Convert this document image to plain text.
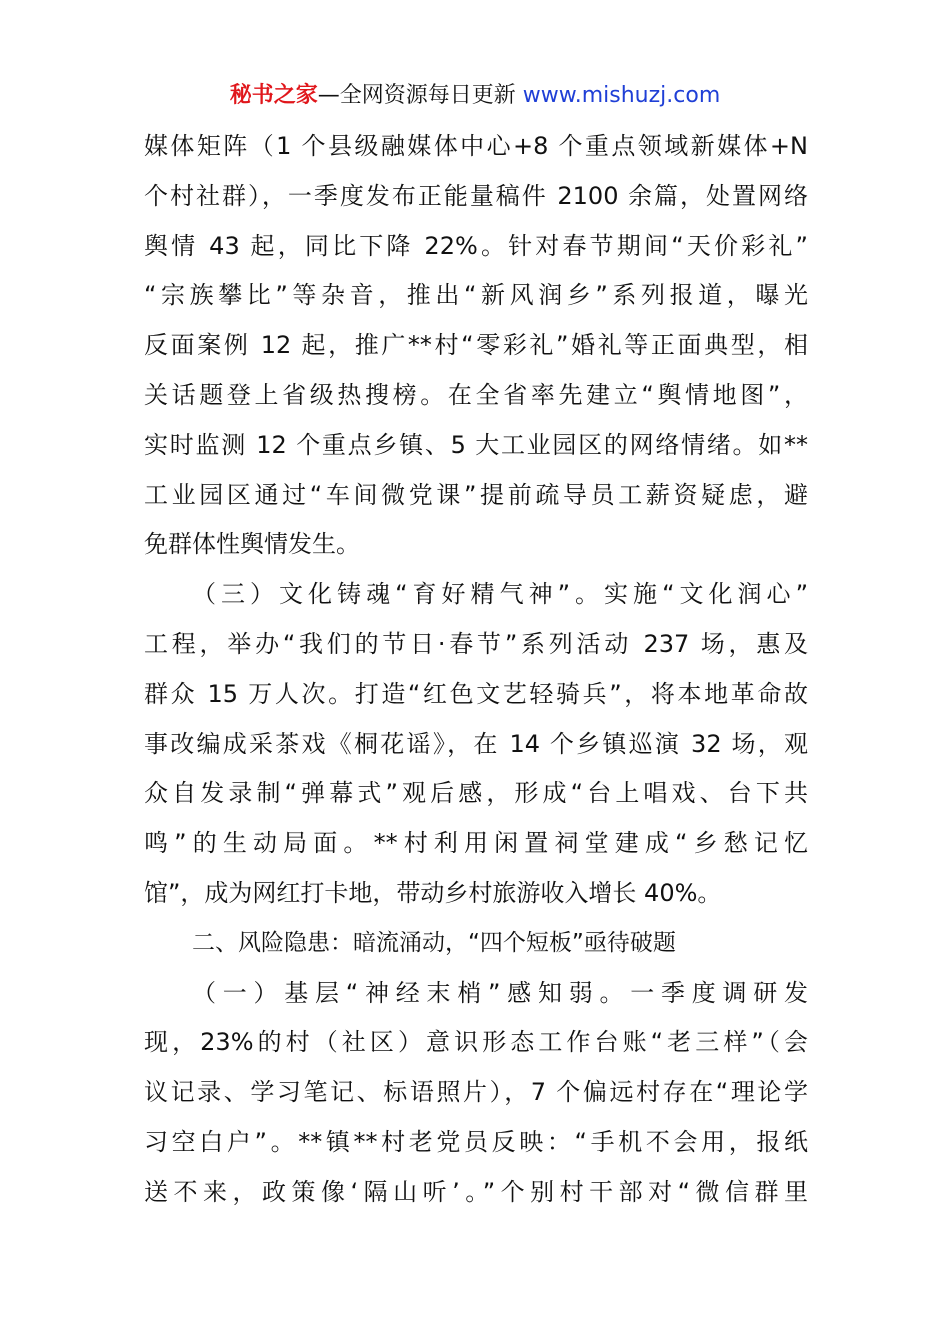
秘书之家—全网资源每日更新 www.mishuzj.com
媒体矩阵（1 个县级融媒体中心+8 个重点领域新媒体+N
个村社群），一季度发布正能量稿件 2100 余篇，处置网络
舆情 43 起，同比下降 22%。针对春节期间“天价彩礼”
“宗族攀比”等杂音，推出“新风润乡”系列报道，曝光
反面案例 12 起，推广**村“零彩礼”婚礼等正面典型，相
关话题登上省级热搜榜。在全省率先建立“舆情地图”，
实时监测 12 个重点乡镇、5 大工业园区的网络情绪。如**
工业园区通过“车间微党课”提前疏导员工薪资疑虑，避
免群体性舆情发生。
（三）文化铸魂“育好精气神”。实施“文化润心”
工程，举办“我们的节日·春节”系列活动 237 场，惠及
群众 15 万人次。打造“红色文艺轻骑兵”，将本地革命故
事改编成采茶戏《桐花谣》，在 14 个乡镇巡演 32 场，观
众自发录制“弹幕式”观后感，形成“台上唱戏、台下共
鸣”的生动局面。**村利用闲置祠堂建成“乡愁记忆
馆”，成为网红打卡地，带动乡村旅游收入增长 40%。
二、风险隐患：暗流涌动，“四个短板”亟待破题
（一）基层“神经末梢”感知弱。一季度调研发
现，23%的村（社区）意识形态工作台账“老三样”（会
议记录、学习笔记、标语照片），7 个偏远村存在“理论学
习空白户”。**镇**村老党员反映：“手机不会用，报纸
送不来，政策像‘隔山听’。”个别村干部对“微信群里
